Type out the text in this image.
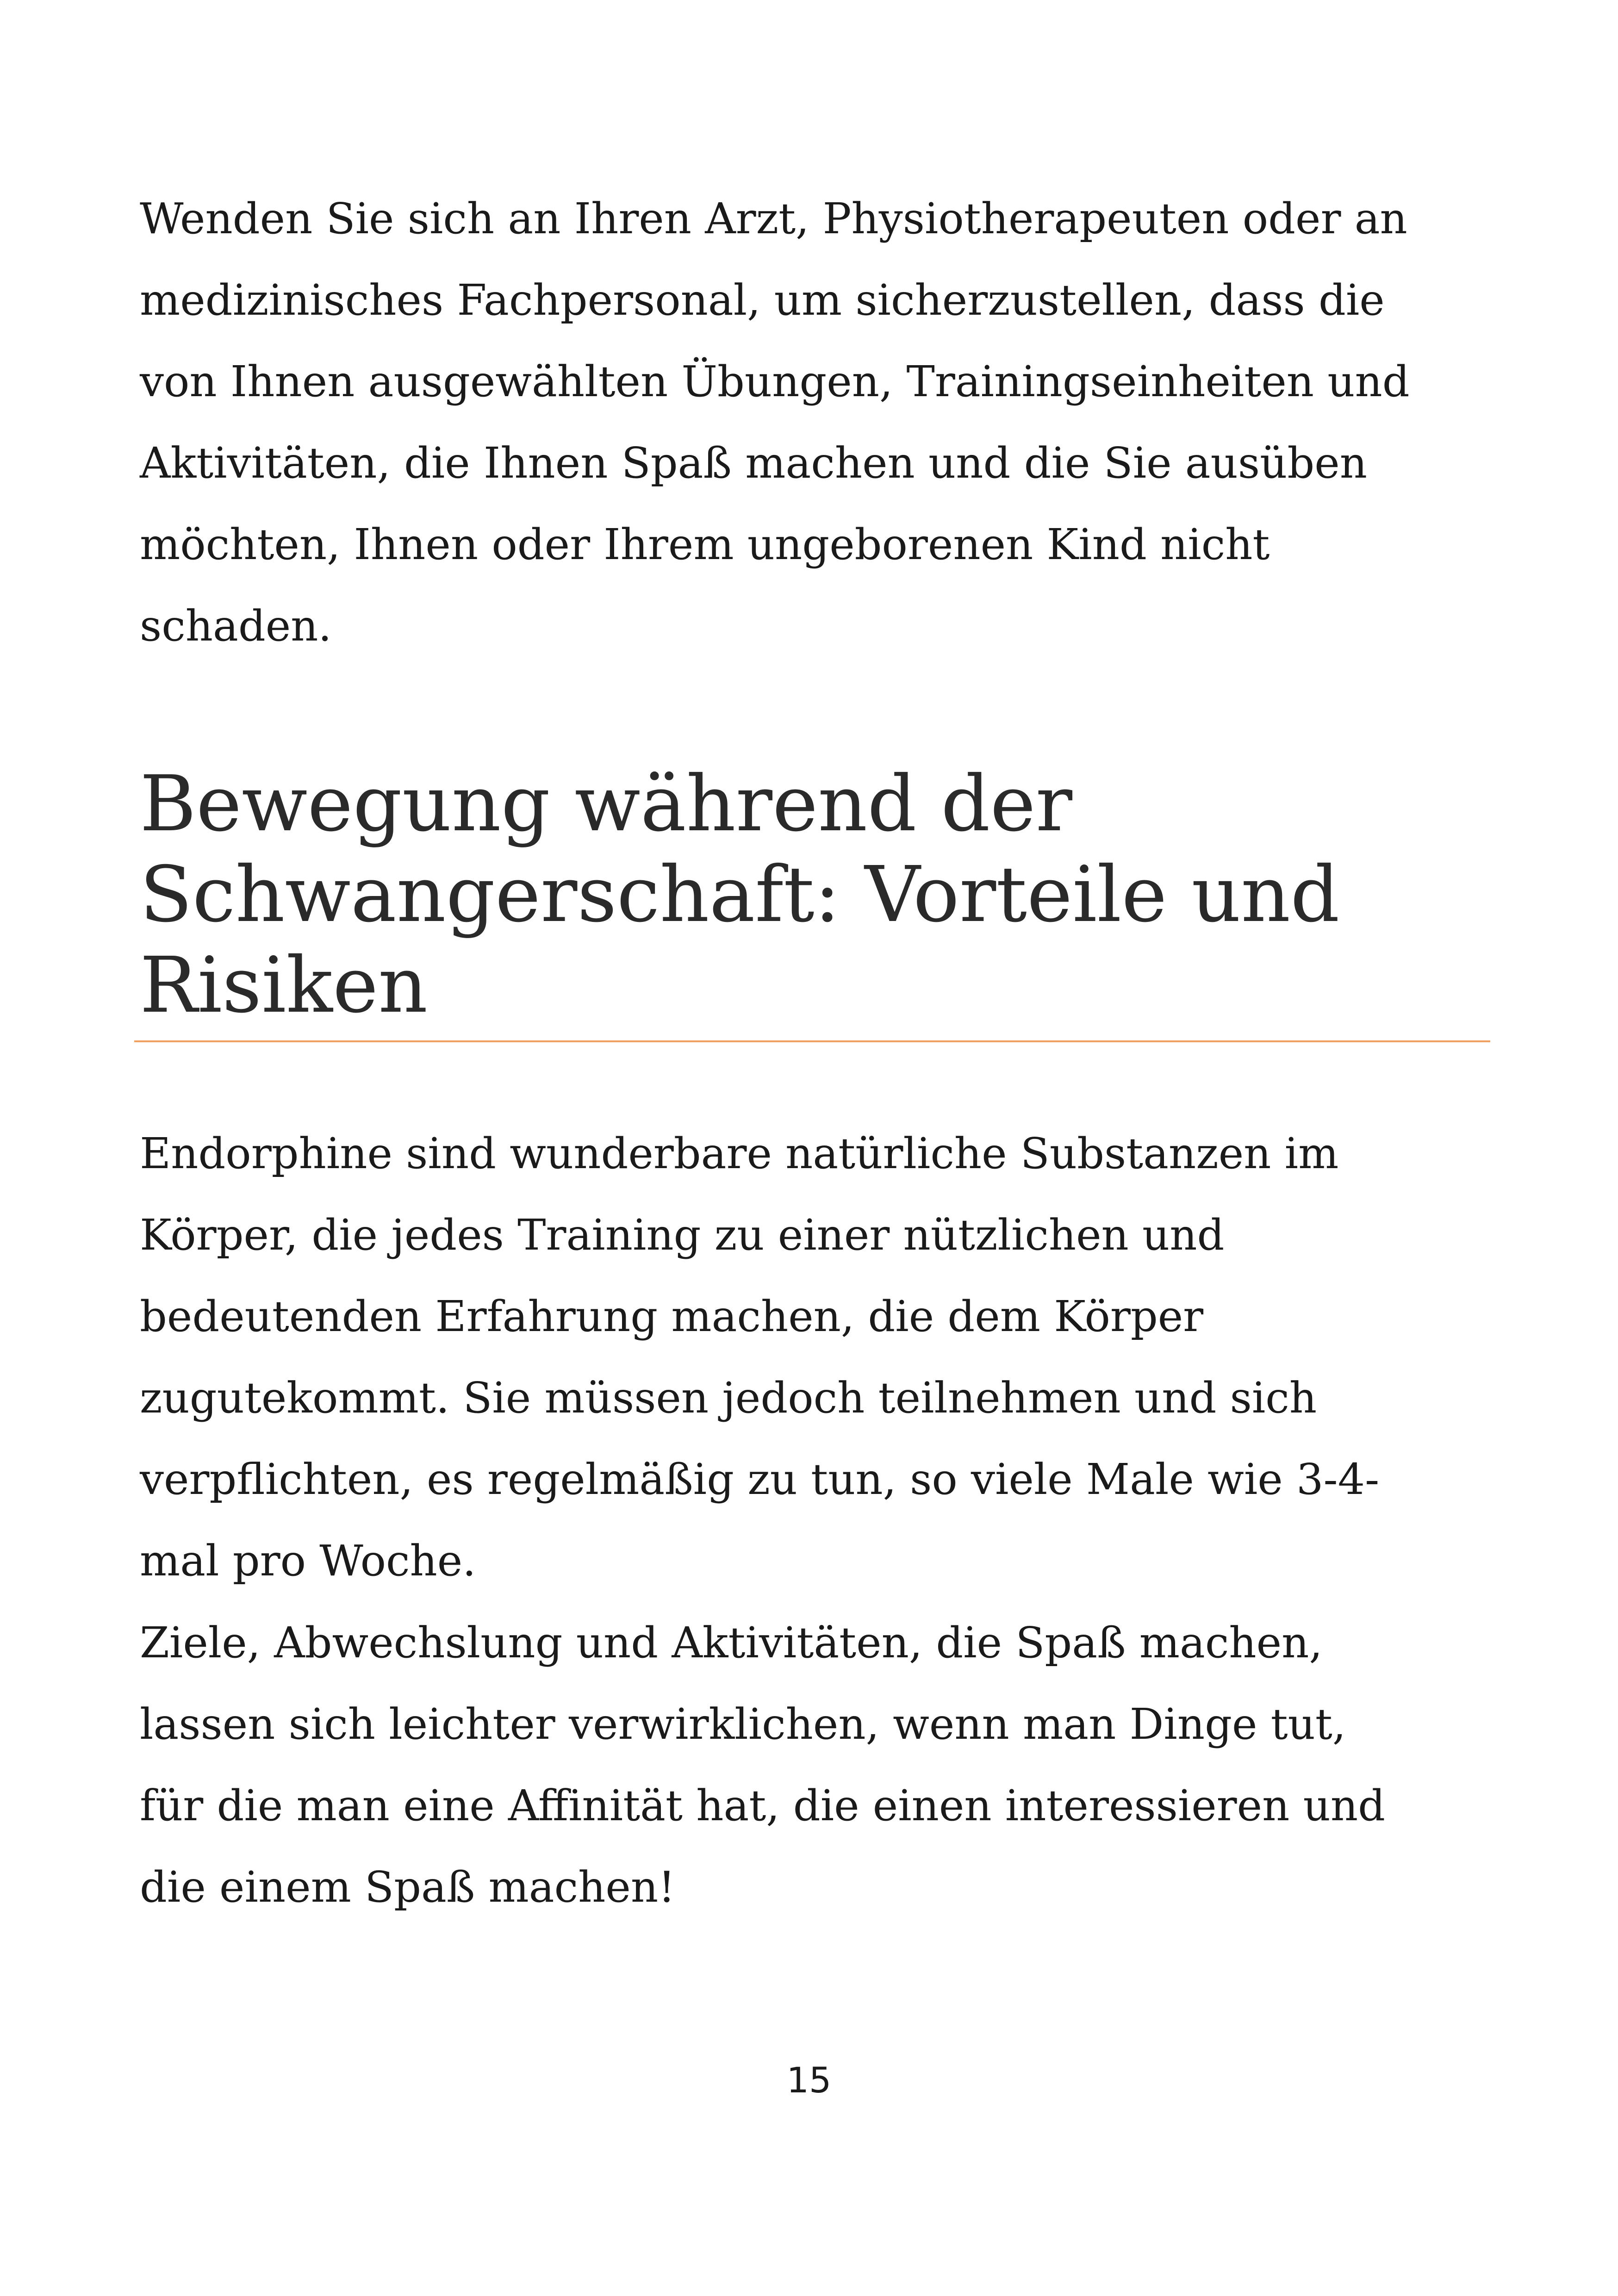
Wenden Sie sich an Ihren Arzt, Physiotherapeuten oder an
medizinisches Fachpersonal, um sicherzustellen, dass die
von Ihnen ausgewählten Übungen, Trainingseinheiten und
Aktivitäten, die Ihnen Spaß machen und die Sie ausüben
möchten, Ihnen oder Ihrem ungeborenen Kind nicht
schaden.

Bewegung während der
Schwangerschaft: Vorteile und
Risiken

Endorphine sind wunderbare natürliche Substanzen im
Körper, die jedes Training zu einer nützlichen und
bedeutenden Erfahrung machen, die dem Körper
zugutekommt. Sie müssen jedoch teilnehmen und sich
verpflichten, es regelmäßig zu tun, so viele Male wie 3-4-
mal pro Woche.

Ziele, Abwechslung und Aktivitäten, die Spaß machen,
lassen sich leichter verwirklichen, wenn man Dinge tut,
für die man eine Affinität hat, die einen interessieren und
die einem Spaß machen!

15
